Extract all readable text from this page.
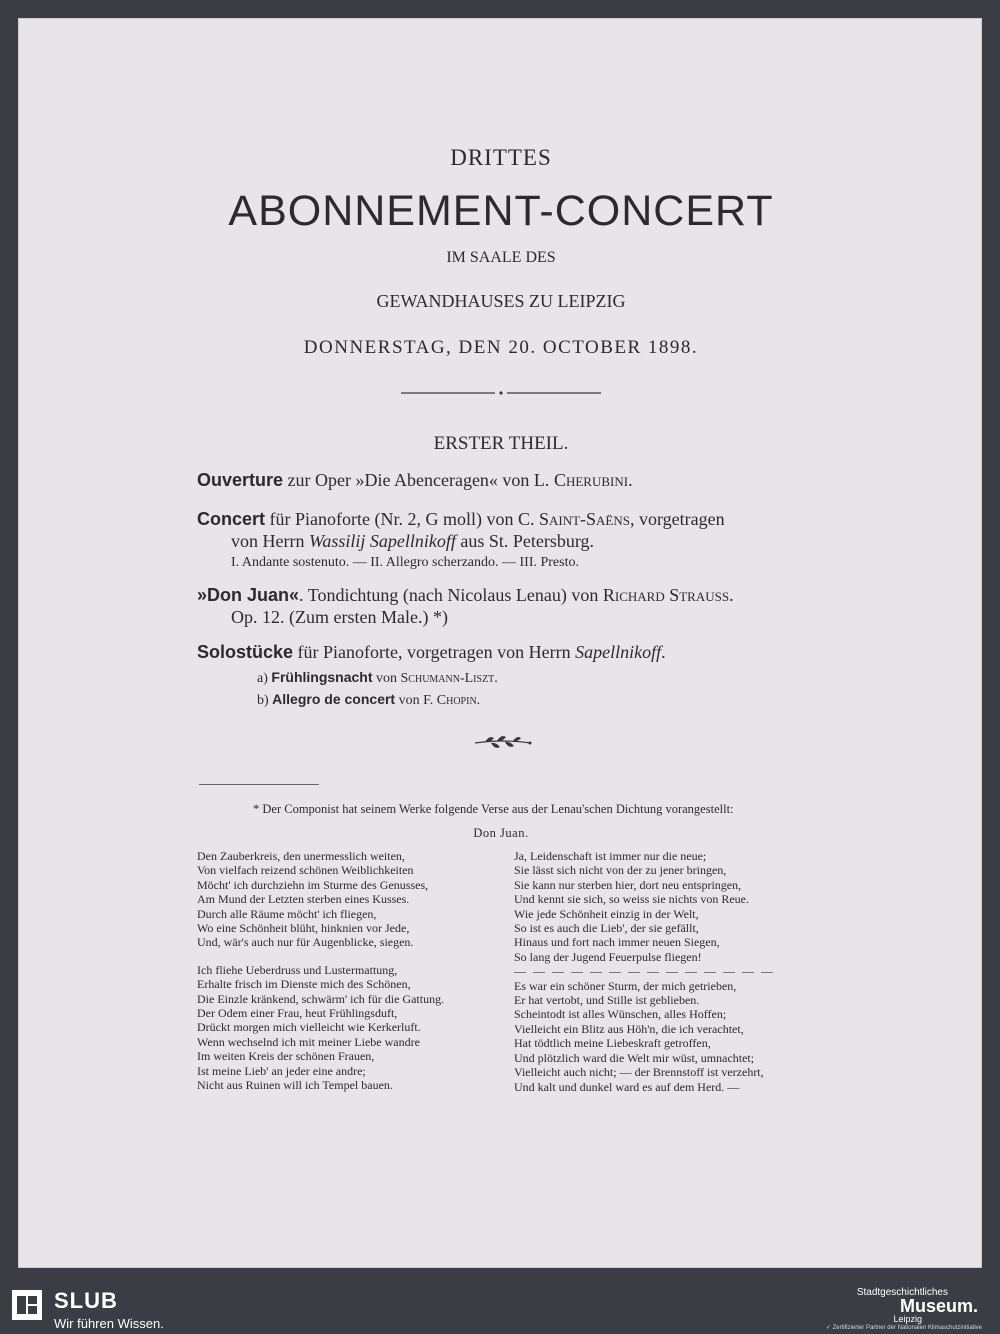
DRITTES
ABONNEMENT-CONCERT
IM SAALE DES
GEWANDHAUSES ZU LEIPZIG
DONNERSTAG, DEN 20. OCTOBER 1898.
ERSTER THEIL.
Ouverture zur Oper »Die Abenceragen« von L. Cherubini.
Concert für Pianoforte (Nr. 2, G moll) von C. Saint-Saëns, vorgetragen
von Herrn Wassilij Sapellnikoff aus St. Petersburg.
I. Andante sostenuto. — II. Allegro scherzando. — III. Presto.
»Don Juan«. Tondichtung (nach Nicolaus Lenau) von Richard Strauss.
Op. 12. (Zum ersten Male.) *)
Solostücke für Pianoforte, vorgetragen von Herrn Sapellnikoff.
a) Frühlingsnacht von Schumann-Liszt.
b) Allegro de concert von F. Chopin.
* Der Componist hat seinem Werke folgende Verse aus der Lenau'schen Dichtung vorangestellt:
Don Juan.
Den Zauberkreis, den unermesslich weiten,
Von vielfach reizend schönen Weiblichkeiten
Möcht' ich durchziehn im Sturme des Genusses,
Am Mund der Letzten sterben eines Kusses.
Durch alle Räume möcht' ich fliegen,
Wo eine Schönheit blüht, hinknien vor Jede,
Und, wär's auch nur für Augenblicke, siegen.
Ich fliehe Ueberdruss und Lustermattung,
Erhalte frisch im Dienste mich des Schönen,
Die Einzle kränkend, schwärm' ich für die Gattung.
Der Odem einer Frau, heut Frühlingsduft,
Drückt morgen mich vielleicht wie Kerkerluft.
Wenn wechselnd ich mit meiner Liebe wandre
Im weiten Kreis der schönen Frauen,
Ist meine Lieb' an jeder eine andre;
Nicht aus Ruinen will ich Tempel bauen.
Ja, Leidenschaft ist immer nur die neue;
Sie lässt sich nicht von der zu jener bringen,
Sie kann nur sterben hier, dort neu entspringen,
Und kennt sie sich, so weiss sie nichts von Reue.
Wie jede Schönheit einzig in der Welt,
So ist es auch die Lieb', der sie gefällt,
Hinaus und fort nach immer neuen Siegen,
So lang der Jugend Feuerpulse fliegen!
— — — — — — — — — — — — — —
Es war ein schöner Sturm, der mich getrieben,
Er hat vertobt, und Stille ist geblieben.
Scheintodt ist alles Wünschen, alles Hoffen;
Vielleicht ein Blitz aus Höh'n, die ich verachtet,
Hat tödtlich meine Liebeskraft getroffen,
Und plötzlich ward die Welt mir wüst, umnachtet;
Vielleicht auch nicht; — der Brennstoff ist verzehrt,
Und kalt und dunkel ward es auf dem Herd. —
SLUB
Wir führen Wissen.
Stadtgeschichtliches
Museum.
Leipzig
✓ Zertifizierter Partner der Nationalen Klimaschutzinitiative
